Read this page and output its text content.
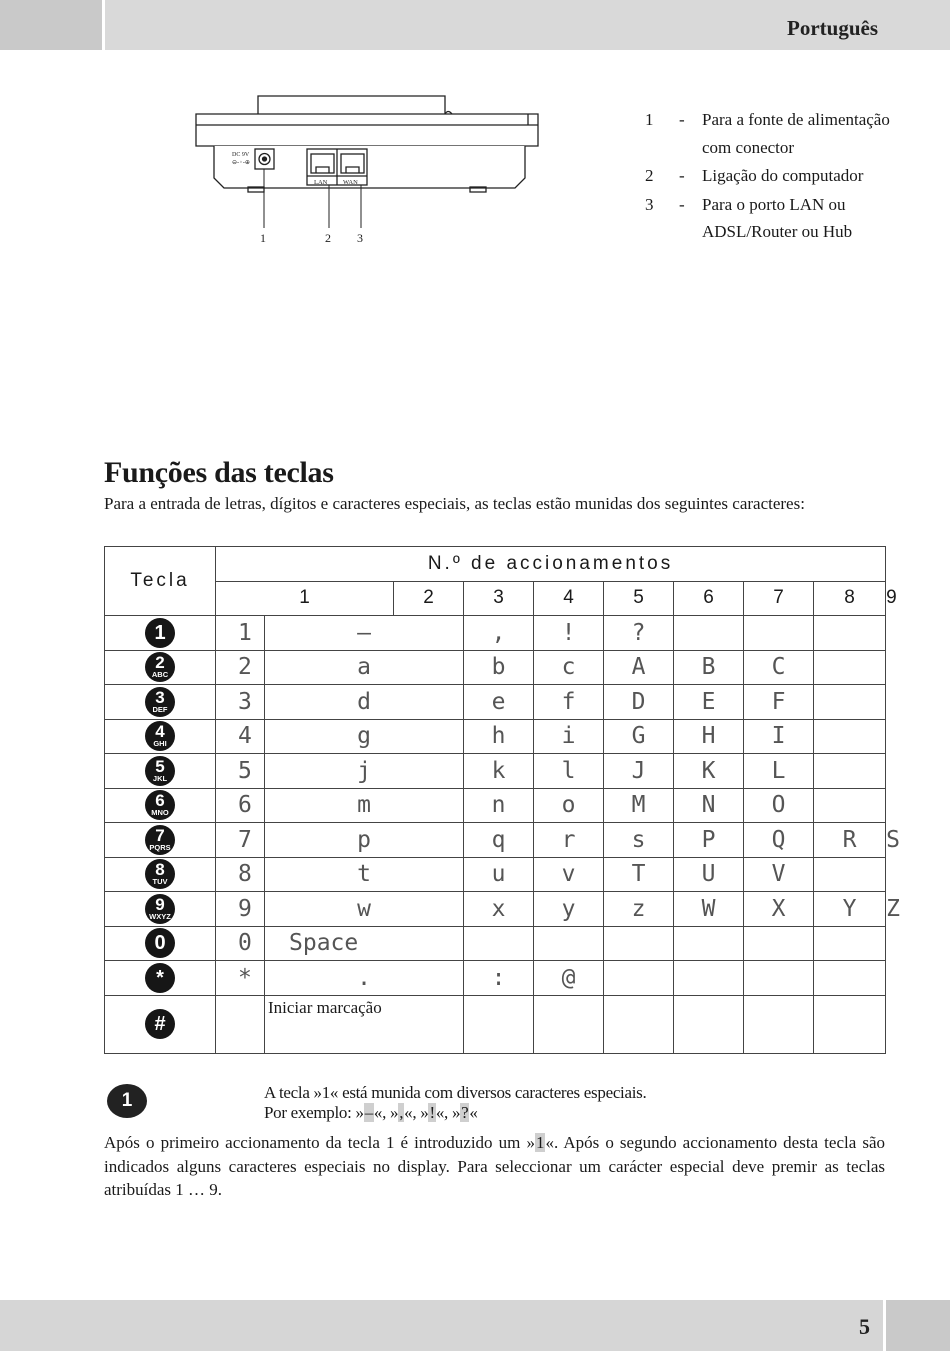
Português
DC 9V
⊖-◦-⊕
LAN WAN
1	2 3
1 - Para a fonte de alimentação com conector
2 - Ligação do computador
3 - Para o porto LAN ou ADSL/Router ou Hub
Funções das teclas

Para a entrada de letras, dígitos e caracteres especiais, as teclas estão munidas dos seguintes caracteres:

Tecla	N.º de accionamentos									
	1		2	3	4	5	6	7	8	9

1	1	–		,	!	?				

2
ABC	2	a		b	c	A	B	C		

3
DEF	3	d		e	f	D	E	F		

4
GHI	4	g		h	i	G	H	I		

5
JKL	5	j		k	l	J	K	L		

6
MNO	6	m		n	o	M	N	O		

7
PQRS	7	p		q	r	s	P	Q	R	S

8
TUV	8	t		u	v	T	U	V		

9
WXYZ	9	w		x	y	z	W	X	Y	Z

0	0	Space								

*	*	.		:	@					

#		Iniciar marcação								
1	A tecla »1« está munida com diversos caracteres especiais.
Por exemplo: »–«, »,«, »!«, »?«

Após o primeiro accionamento da tecla 1 é introduzido um »1«. Após o segundo accionamento desta tecla são indicados alguns caracteres especiais no display. Para seleccionar um carácter especial deve premir as teclas atribuídas 1 … 9.

5
